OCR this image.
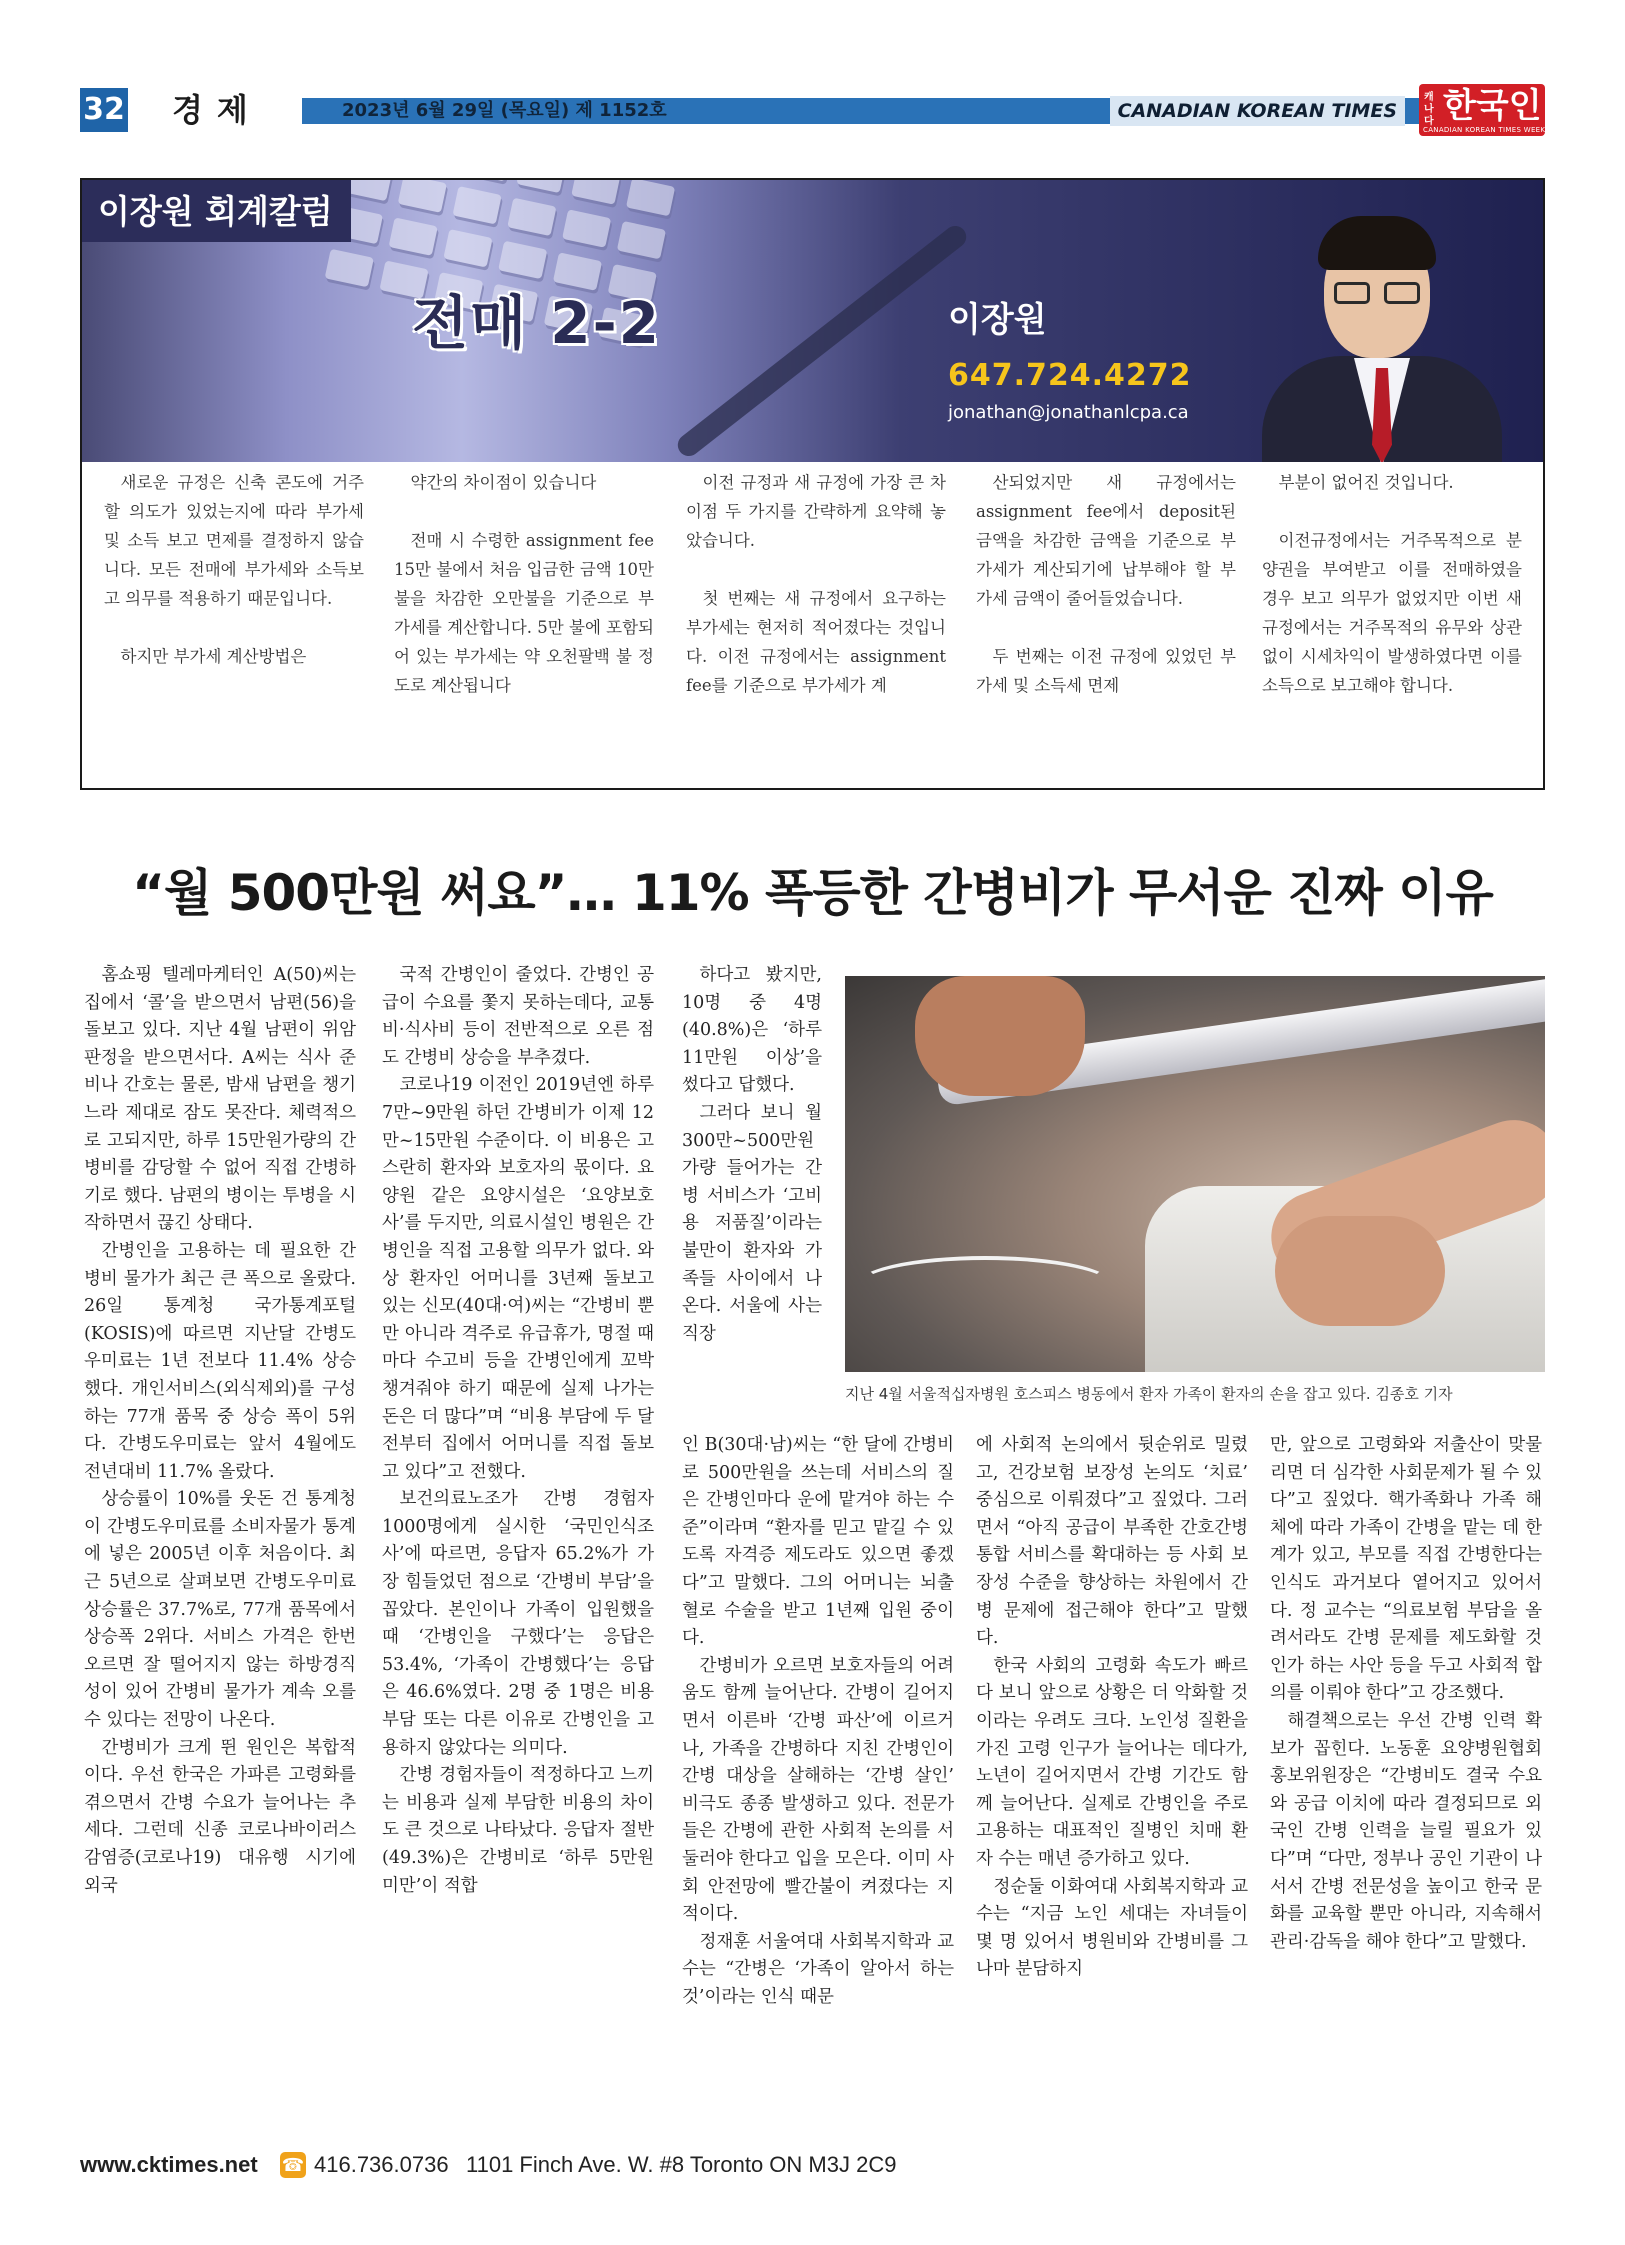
32 경제	2023년 6월 29일 (목요일) 제 1152호	CANADIAN KOREAN TIMES
캐나다 한국인
CANADIAN KOREAN TIMES WEEKLY
이장원 회계칼럼
전매 2-2	이장원
647.724.4272
jonathan@jonathanlcpa.ca

새로운 규정은 신축 콘도에 거주할 의도가 있었는지에 따라 부가세 및 소득 보고 면제를 결정하지 않습니다. 모든 전매에 부가세와 소득보고 의무를 적용하기 때문입니다.

하지만 부가세 계산방법은

약간의 차이점이 있습니다

전매 시 수령한 assignment fee 15만 불에서 처음 입금한 금액 10만 불을 차감한 오만불을 기준으로 부가세를 계산합니다. 5만 불에 포함되어 있는 부가세는 약 오천팔백 불 정도로 계산됩니다

이전 규정과 새 규정에 가장 큰 차이점 두 가지를 간략하게 요약해 놓았습니다.

첫 번째는 새 규정에서 요구하는 부가세는 현저히 적어졌다는 것입니다. 이전 규정에서는 assignment fee를 기준으로 부가세가 계

산되었지만 새 규정에서는 assignment fee에서 deposit된 금액을 차감한 금액을 기준으로 부가세가 계산되기에 납부해야 할 부가세 금액이 줄어들었습니다.

두 번째는 이전 규정에 있었던 부가세 및 소득세 면제

부분이 없어진 것입니다.

이전규정에서는 거주목적으로 분양권을 부여받고 이를 전매하였을 경우 보고 의무가 없었지만 이번 새 규정에서는 거주목적의 유무와 상관없이 시세차익이 발생하였다면 이를 소득으로 보고해야 합니다.

“월 500만원 써요”… 11% 폭등한 간병비가 무서운 진짜 이유

홈쇼핑 텔레마케터인 A(50)씨는 집에서 ‘콜’을 받으면서 남편(56)을 돌보고 있다. 지난 4월 남편이 위암 판정을 받으면서다. A씨는 식사 준비나 간호는 물론, 밤새 남편을 챙기느라 제대로 잠도 못잔다. 체력적으로 고되지만, 하루 15만원가량의 간병비를 감당할 수 없어 직접 간병하기로 했다. 남편의 병이는 투병을 시작하면서 끊긴 상태다.

간병인을 고용하는 데 필요한 간병비 물가가 최근 큰 폭으로 올랐다. 26일 통계청 국가통계포털(KOSIS)에 따르면 지난달 간병도우미료는 1년 전보다 11.4% 상승했다. 개인서비스(외식제외)를 구성하는 77개 품목 중 상승 폭이 5위다. 간병도우미료는 앞서 4월에도 전년대비 11.7% 올랐다.

상승률이 10%를 웃돈 건 통계청이 간병도우미료를 소비자물가 통계에 넣은 2005년 이후 처음이다. 최근 5년으로 살펴보면 간병도우미료 상승률은 37.7%로, 77개 품목에서 상승폭 2위다. 서비스 가격은 한번 오르면 잘 떨어지지 않는 하방경직성이 있어 간병비 물가가 계속 오를 수 있다는 전망이 나온다.

간병비가 크게 뛴 원인은 복합적이다. 우선 한국은 가파른 고령화를 겪으면서 간병 수요가 늘어나는 추세다. 그런데 신종 코로나바이러스 감염증(코로나19) 대유행 시기에 외국

국적 간병인이 줄었다. 간병인 공급이 수요를 쫓지 못하는데다, 교통비·식사비 등이 전반적으로 오른 점도 간병비 상승을 부추겼다.

코로나19 이전인 2019년엔 하루 7만~9만원 하던 간병비가 이제 12만~15만원 수준이다. 이 비용은 고스란히 환자와 보호자의 몫이다. 요양원 같은 요양시설은 ‘요양보호사’를 두지만, 의료시설인 병원은 간병인을 직접 고용할 의무가 없다. 와상 환자인 어머니를 3년째 돌보고 있는 신모(40대·여)씨는 “간병비 뿐만 아니라 격주로 유급휴가, 명절 때마다 수고비 등을 간병인에게 꼬박 챙겨줘야 하기 때문에 실제 나가는 돈은 더 많다”며 “비용 부담에 두 달 전부터 집에서 어머니를 직접 돌보고 있다”고 전했다.

보건의료노조가 간병 경험자 1000명에게 실시한 ‘국민인식조사’에 따르면, 응답자 65.2%가 가장 힘들었던 점으로 ‘간병비 부담’을 꼽았다. 본인이나 가족이 입원했을 때 ‘간병인을 구했다’는 응답은 53.4%, ‘가족이 간병했다’는 응답은 46.6%였다. 2명 중 1명은 비용 부담 또는 다른 이유로 간병인을 고용하지 않았다는 의미다.

간병 경험자들이 적정하다고 느끼는 비용과 실제 부담한 비용의 차이도 큰 것으로 나타났다. 응답자 절반(49.3%)은 간병비로 ‘하루 5만원 미만’이 적합

하다고 봤지만, 10명 중 4명(40.8%)은 ‘하루 11만원 이상’을 썼다고 답했다.

그러다 보니 월 300만~500만원가량 들어가는 간병 서비스가 ‘고비용 저품질’이라는 불만이 환자와 가족들 사이에서 나온다. 서울에 사는 직장

지난 4월 서울적십자병원 호스피스 병동에서 환자 가족이 환자의 손을 잡고 있다. 김종호 기자

인 B(30대·남)씨는 “한 달에 간병비로 500만원을 쓰는데 서비스의 질은 간병인마다 운에 맡겨야 하는 수준”이라며 “환자를 믿고 맡길 수 있도록 자격증 제도라도 있으면 좋겠다”고 말했다. 그의 어머니는 뇌출혈로 수술을 받고 1년째 입원 중이다.

간병비가 오르면 보호자들의 어려움도 함께 늘어난다. 간병이 길어지면서 이른바 ‘간병 파산’에 이르거나, 가족을 간병하다 지친 간병인이 간병 대상을 살해하는 ‘간병 살인’ 비극도 종종 발생하고 있다. 전문가들은 간병에 관한 사회적 논의를 서둘러야 한다고 입을 모은다. 이미 사회 안전망에 빨간불이 켜졌다는 지적이다.

정재훈 서울여대 사회복지학과 교수는 “간병은 ‘가족이 알아서 하는 것’이라는 인식 때문

에 사회적 논의에서 뒷순위로 밀렸고, 건강보험 보장성 논의도 ‘치료’ 중심으로 이뤄졌다”고 짚었다. 그러면서 “아직 공급이 부족한 간호간병통합 서비스를 확대하는 등 사회 보장성 수준을 향상하는 차원에서 간병 문제에 접근해야 한다”고 말했다.

한국 사회의 고령화 속도가 빠르다 보니 앞으로 상황은 더 악화할 것이라는 우려도 크다. 노인성 질환을 가진 고령 인구가 늘어나는 데다가, 노년이 길어지면서 간병 기간도 함께 늘어난다. 실제로 간병인을 주로 고용하는 대표적인 질병인 치매 환자 수는 매년 증가하고 있다.

정순둘 이화여대 사회복지학과 교수는 “지금 노인 세대는 자녀들이 몇 명 있어서 병원비와 간병비를 그나마 분담하지

만, 앞으로 고령화와 저출산이 맞물리면 더 심각한 사회문제가 될 수 있다”고 짚었다. 핵가족화나 가족 해체에 따라 가족이 간병을 맡는 데 한계가 있고, 부모를 직접 간병한다는 인식도 과거보다 옅어지고 있어서다. 정 교수는 “의료보험 부담을 올려서라도 간병 문제를 제도화할 것인가 하는 사안 등을 두고 사회적 합의를 이뤄야 한다”고 강조했다.

해결책으로는 우선 간병 인력 확보가 꼽힌다. 노동훈 요양병원협회 홍보위원장은 “간병비도 결국 수요와 공급 이치에 따라 결정되므로 외국인 간병 인력을 늘릴 필요가 있다”며 “다만, 정부나 공인 기관이 나서서 간병 전문성을 높이고 한국 문화를 교육할 뿐만 아니라, 지속해서 관리·감독을 해야 한다”고 말했다.

www.cktimes.net ☎ 416.736.0736 1101 Finch Ave. W. #8 Toronto ON M3J 2C9
